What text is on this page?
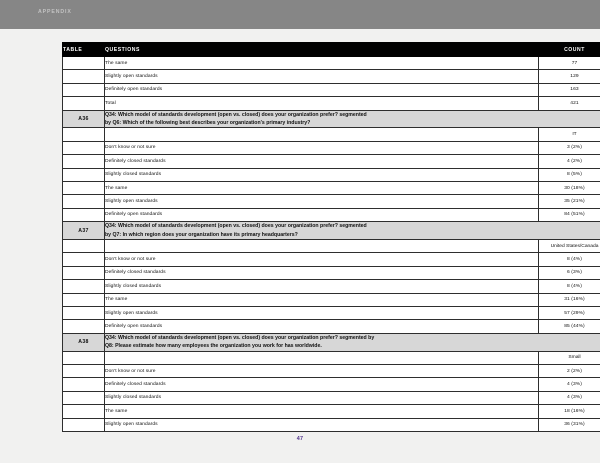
APPENDIX
TABLE	QUESTIONS	COUNT	
	The same	77	
	Slightly open standards	129	
	Definitely open standards	163	
	Total	421		
A36	Q34: Which model of standards development (open vs. closed) does your organization prefer? segmented
by Q6: Which of the following best describes your organization's primary industry?			

		IT	
	Don't know or not sure	3 (2%)	
	Definitely closed standards	4 (2%)	
	Slightly closed standards	8 (5%)	
	The same	30 (18%)	
	Slightly open standards	35 (21%)	
	Definitely open standards	84 (51%)	
A37	Q34: Which model of standards development (open vs. closed) does your organization prefer? segmented
by Q7: In which region does your organization have its primary headquarters?			

		United States/Canada		
	Don't know or not sure	8 (4%)		
	Definitely closed standards	6 (3%)		
	Slightly closed standards	8 (4%)		
	The same	31 (16%)		
	Slightly open standards	57 (29%)		
	Definitely open standards	85 (44%)		
A38	Q34: Which model of standards development (open vs. closed) does your organization prefer? segmented by
Q8: Please estimate how many employees the organization you work for has worldwide.			

		Small			
	Don't know or not sure	2 (2%)			
	Definitely closed standards	4 (3%)			
	Slightly closed standards	4 (3%)			
	The same	18 (16%)			
	Slightly open standards	36 (31%)			
47
